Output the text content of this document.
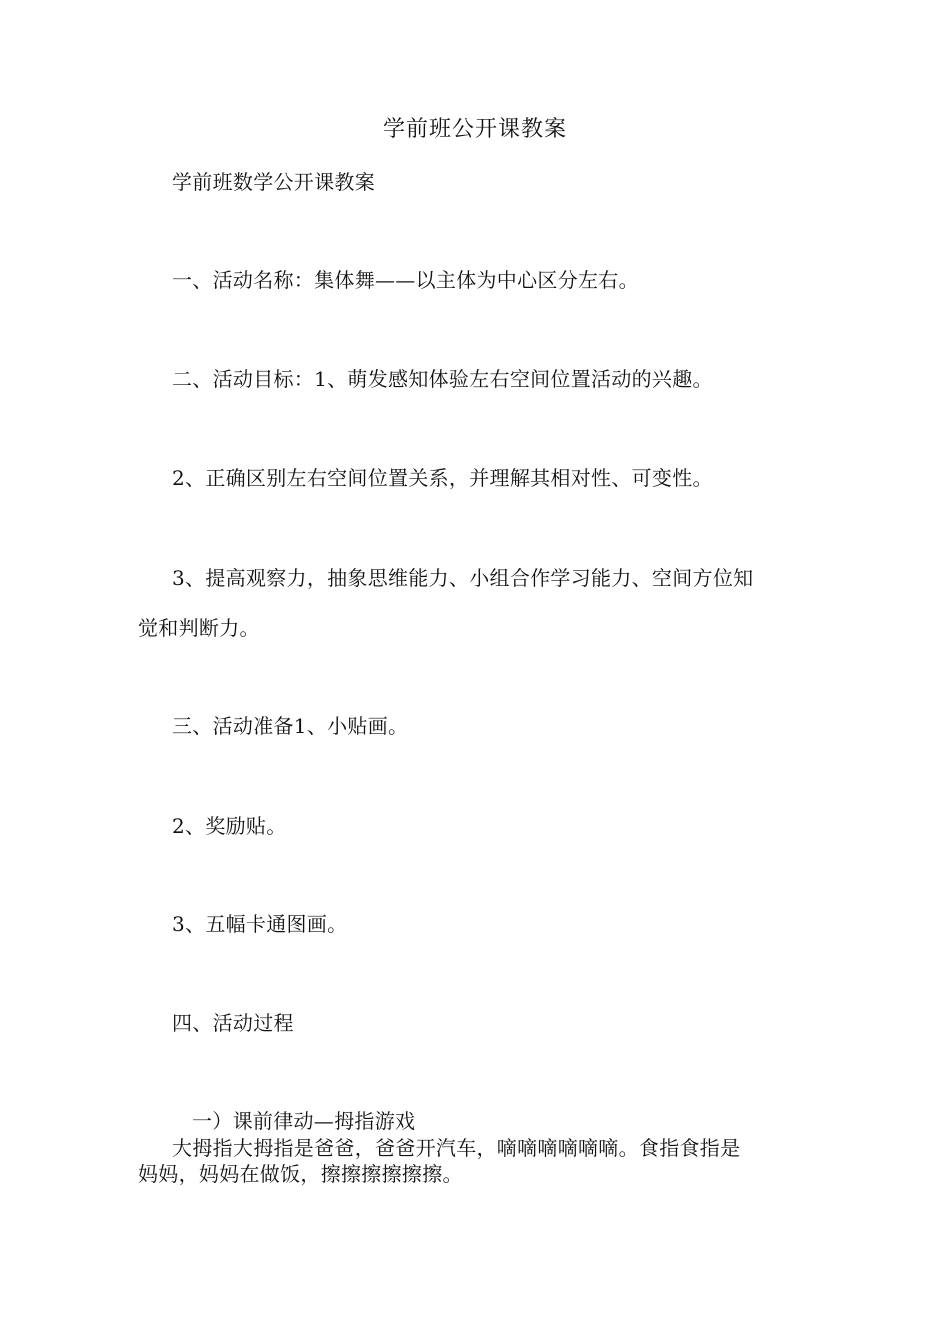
学前班公开课教案
学前班数学公开课教案
一、活动名称：集体舞——以主体为中心区分左右。
二、活动目标：1、萌发感知体验左右空间位置活动的兴趣。
2、正确区别左右空间位置关系，并理解其相对性、可变性。
3、提高观察力，抽象思维能力、小组合作学习能力、空间方位知
觉和判断力。
三、活动准备1、小贴画。
2、奖励贴。
3、五幅卡通图画。
四、活动过程
一）课前律动—拇指游戏
大拇指大拇指是爸爸，爸爸开汽车，嘀嘀嘀嘀嘀嘀。食指食指是
妈妈，妈妈在做饭，擦擦擦擦擦擦。
